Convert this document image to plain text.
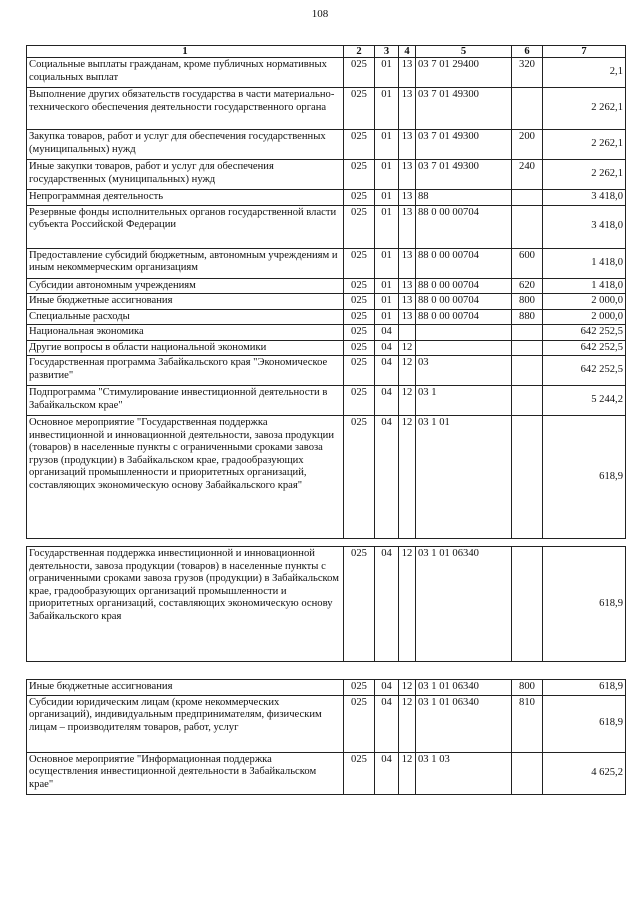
108
1	2	3	4	5	6	7
Социальные выплаты гражданам, кроме публичных нормативных социальных выплат	025	01	13	03 7 01 29400	320	2,1
Выполнение других обязательств государства в части материально-технического обеспечения деятельности государственного органа	025	01	13	03 7 01 49300		2 262,1
Закупка товаров, работ и услуг для обеспечения государственных (муниципальных) нужд	025	01	13	03 7 01 49300	200	2 262,1
Иные закупки товаров, работ и услуг для обеспечения государственных (муниципальных) нужд	025	01	13	03 7 01 49300	240	2 262,1
Непрограммная деятельность	025	01	13	88		3 418,0
Резервные фонды исполнительных органов государственной власти субъекта Российской Федерации	025	01	13	88 0 00 00704		3 418,0
Предоставление субсидий бюджетным, автономным учреждениям и иным некоммерческим организациям	025	01	13	88 0 00 00704	600	1 418,0
Субсидии автономным учреждениям	025	01	13	88 0 00 00704	620	1 418,0
Иные бюджетные ассигнования	025	01	13	88 0 00 00704	800	2 000,0
Специальные расходы	025	01	13	88 0 00 00704	880	2 000,0
Национальная экономика	025	04				642 252,5
Другие вопросы в области национальной экономики	025	04	12			642 252,5
Государственная программа Забайкальского края "Экономическое развитие"	025	04	12	03		642 252,5
Подпрограмма "Стимулирование инвестиционной деятельности в Забайкальском крае"	025	04	12	03 1		5 244,2
Основное мероприятие "Государственная поддержка инвестиционной и инновационной деятельности, завоза продукции (товаров) в населенные пункты с ограниченными сроками завоза грузов (продукции) в Забайкальском крае, градообразующих организаций промышленности и приоритетных организаций, составляющих экономическую основу Забайкальского края"	025	04	12	03 1 01		618,9

Государственная поддержка инвестиционной и инновационной деятельности, завоза продукции (товаров) в населенные пункты с ограниченными сроками завоза грузов (продукции) в Забайкальском крае, градообразующих организаций промышленности и приоритетных организаций, составляющих экономическую основу Забайкальского края	025	04	12	03 1 01 06340		618,9

Иные бюджетные ассигнования	025	04	12	03 1 01 06340	800	618,9
Субсидии юридическим лицам (кроме некоммерческих организаций), индивидуальным предпринимателям, физическим лицам – производителям товаров, работ, услуг	025	04	12	03 1 01 06340	810	618,9
Основное мероприятие "Информационная поддержка осуществления инвестиционной деятельности в Забайкальском крае"	025	04	12	03 1 03		4 625,2
